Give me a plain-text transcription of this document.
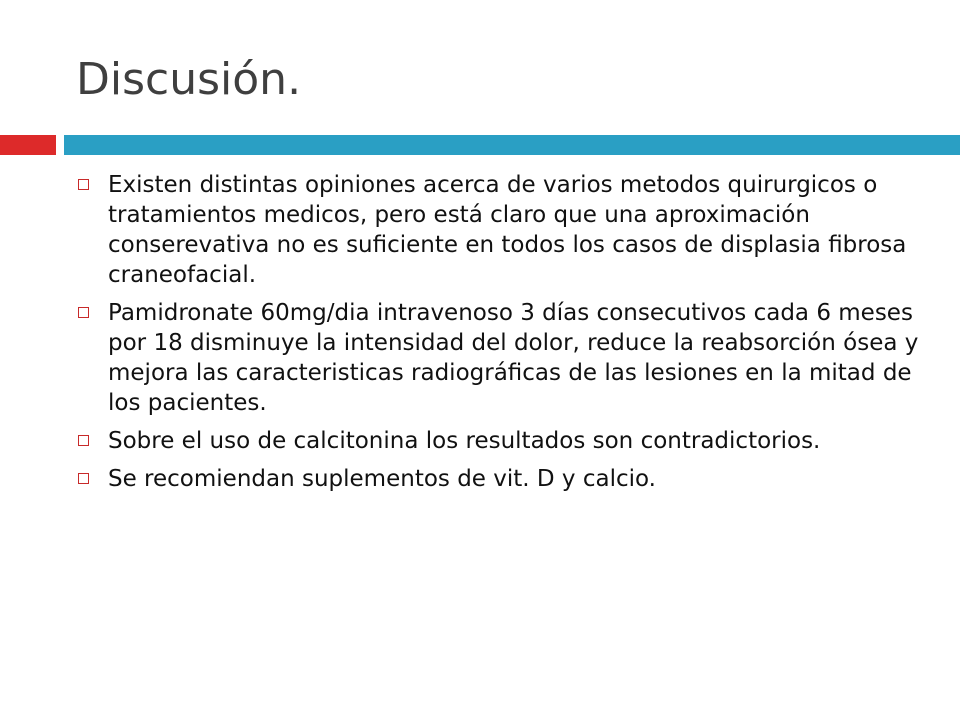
Discusión.
Existen distintas opiniones acerca de varios metodos quirurgicos o tratamientos medicos, pero está claro que una aproximación conserevativa no es suficiente en todos los casos de displasia fibrosa craneofacial.
Pamidronate 60mg/dia intravenoso 3 días consecutivos cada 6 meses por 18 disminuye la intensidad del dolor, reduce la reabsorción ósea y mejora las caracteristicas radiográficas de las lesiones en la mitad de los pacientes.
Sobre el uso de calcitonina los resultados son contradictorios.
Se recomiendan suplementos de vit. D y calcio.
